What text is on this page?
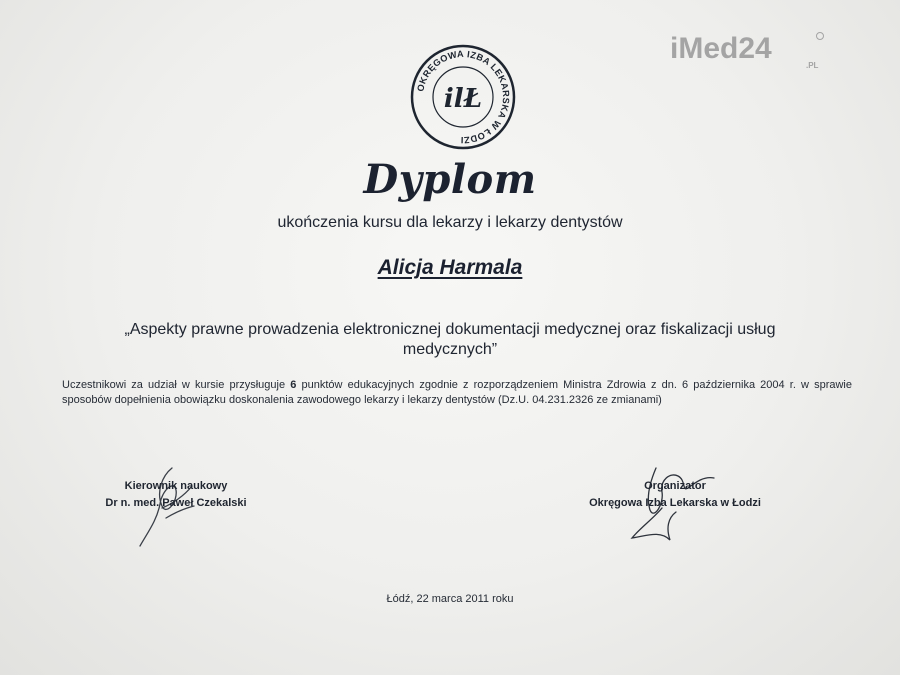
OKRĘGOWA IZBA LEKARSKA W ŁODZI
ilŁ
iMed24
.PL
Dyplom
ukończenia kursu dla lekarzy i lekarzy dentystów
Alicja Harmala
„Aspekty prawne prowadzenia elektronicznej dokumentacji medycznej oraz fiskalizacji usług
medycznych”
Uczestnikowi za udział w kursie przysługuje 6 punktów edukacyjnych zgodnie z rozporządzeniem Ministra Zdrowia z dn. 6 października 2004 r. w sprawie sposobów dopełnienia obowiązku doskonalenia zawodowego lekarzy i lekarzy dentystów (Dz.U. 04.231.2326 ze zmianami)
Kierownik naukowy
Dr n. med. Paweł Czekalski
Organizator
Okręgowa Izba Lekarska w Łodzi
Łódź, 22 marca 2011 roku
